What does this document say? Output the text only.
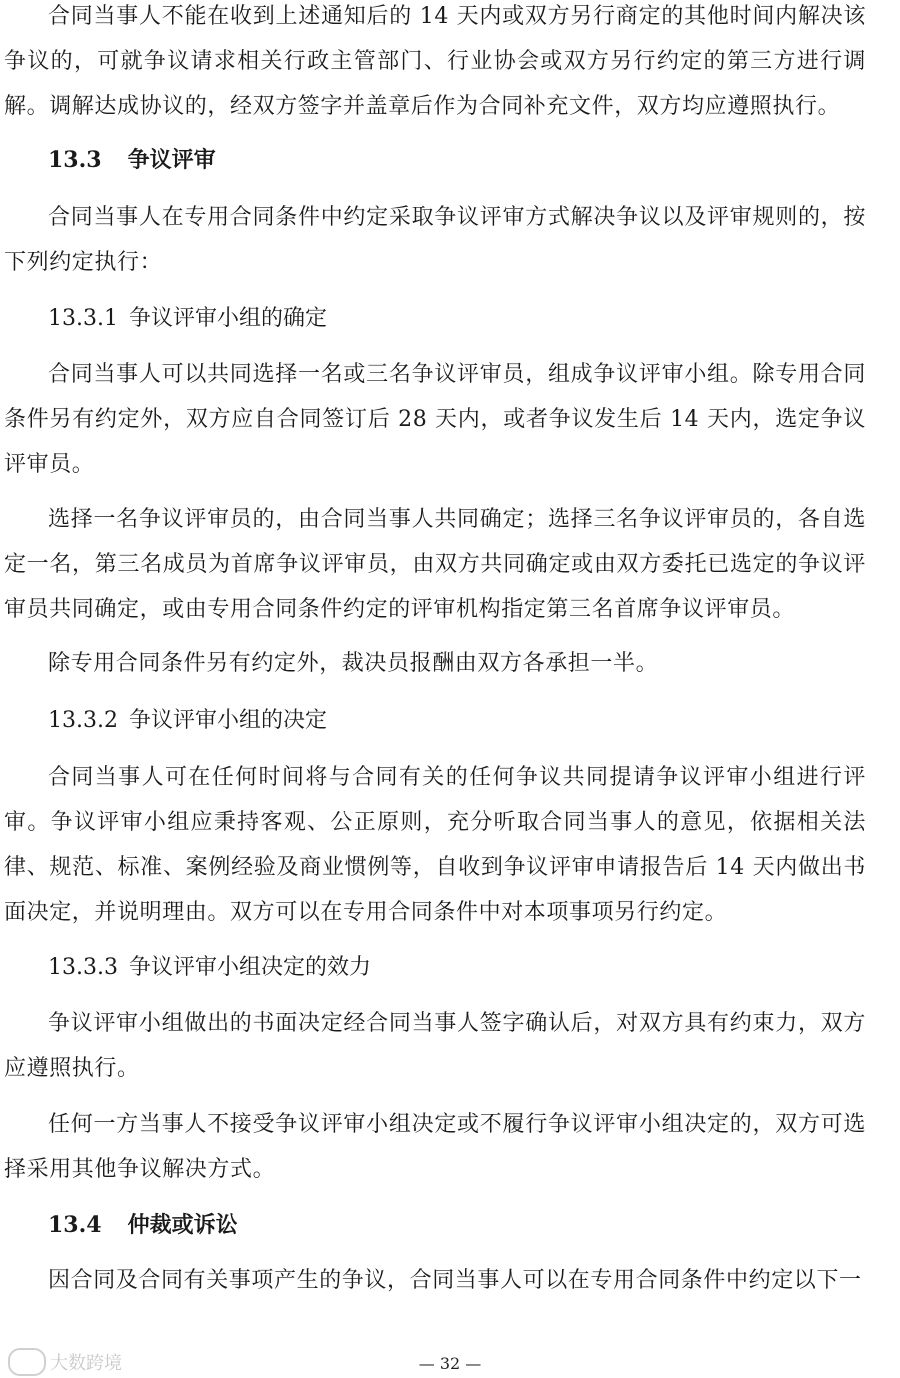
合同当事人不能在收到上述通知后的 14 天内或双方另行商定的其他时间内解决该争议的，可就争议请求相关行政主管部门、行业协会或双方另行约定的第三方进行调解。调解达成协议的，经双方签字并盖章后作为合同补充文件，双方均应遵照执行。

13.3 争议评审

合同当事人在专用合同条件中约定采取争议评审方式解决争议以及评审规则的，按下列约定执行：

13.3.1 争议评审小组的确定

合同当事人可以共同选择一名或三名争议评审员，组成争议评审小组。除专用合同条件另有约定外，双方应自合同签订后 28 天内，或者争议发生后 14 天内，选定争议评审员。

选择一名争议评审员的，由合同当事人共同确定；选择三名争议评审员的，各自选定一名，第三名成员为首席争议评审员，由双方共同确定或由双方委托已选定的争议评审员共同确定，或由专用合同条件约定的评审机构指定第三名首席争议评审员。

除专用合同条件另有约定外，裁决员报酬由双方各承担一半。

13.3.2 争议评审小组的决定

合同当事人可在任何时间将与合同有关的任何争议共同提请争议评审小组进行评审。争议评审小组应秉持客观、公正原则，充分听取合同当事人的意见，依据相关法律、规范、标准、案例经验及商业惯例等，自收到争议评审申请报告后 14 天内做出书面决定，并说明理由。双方可以在专用合同条件中对本项事项另行约定。

13.3.3 争议评审小组决定的效力

争议评审小组做出的书面决定经合同当事人签字确认后，对双方具有约束力，双方应遵照执行。

任何一方当事人不接受争议评审小组决定或不履行争议评审小组决定的，双方可选择采用其他争议解决方式。

13.4 仲裁或诉讼

因合同及合同有关事项产生的争议，合同当事人可以在专用合同条件中约定以下一

大数跨境	— 32 —
